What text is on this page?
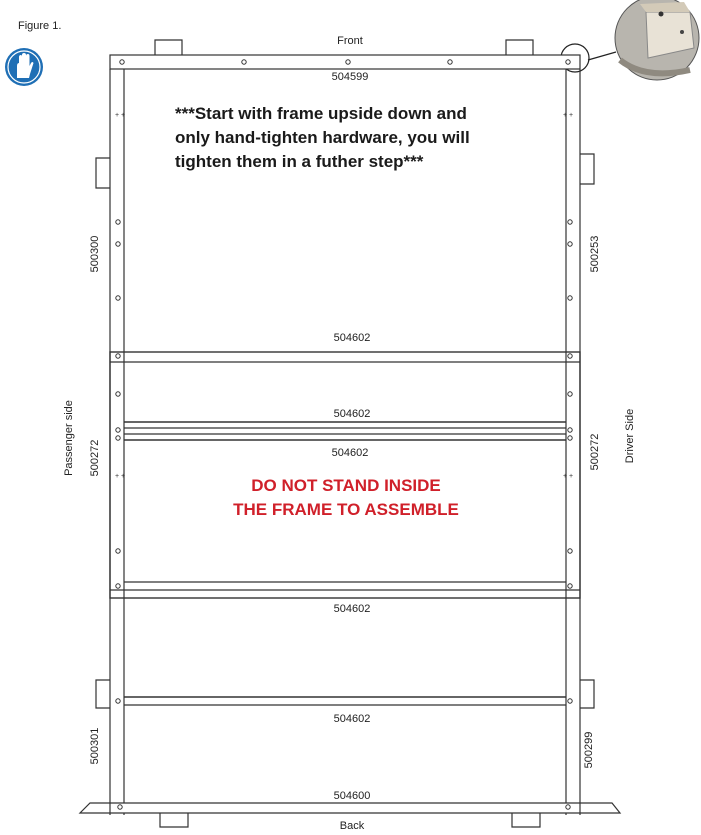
Figure 1.
Front
Back
Passenger side	Driver Side
+ +	+ +
+ +	+ +
504599
504602
504602
504602
504602
504602
504600
500300
500272
500301
500253
500272
500299
***Start with frame upside down and
only hand-tighten hardware, you will
tighten them in a futher step***
DO NOT STAND INSIDE
THE FRAME TO ASSEMBLE
